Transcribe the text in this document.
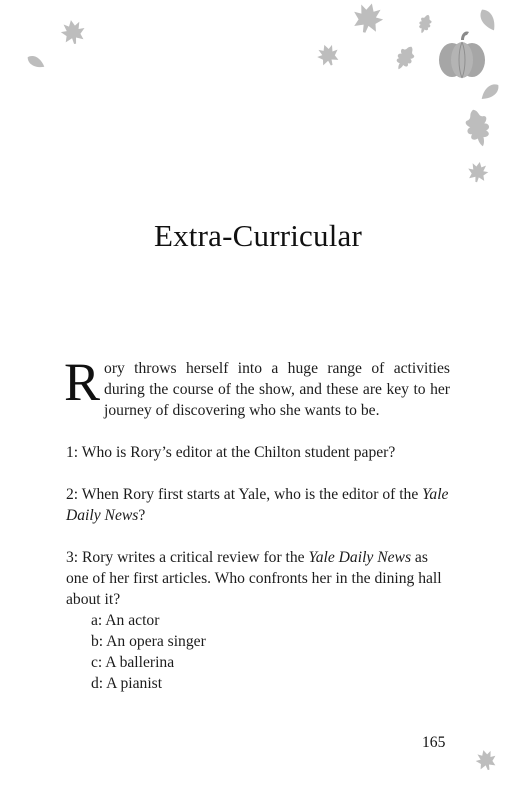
Extra-Curricular

Rory throws herself into a huge range of activities during the course of the show, and these are key to her journey of discovering who she wants to be.

1: Who is Rory’s editor at the Chilton student paper?

2: When Rory first starts at Yale, who is the editor of the Yale Daily News?

3: Rory writes a critical review for the Yale Daily News as one of her first articles. Who confronts her in the dining hall about it?

a: An actor
b: An opera singer
c: A ballerina
d: A pianist
165
